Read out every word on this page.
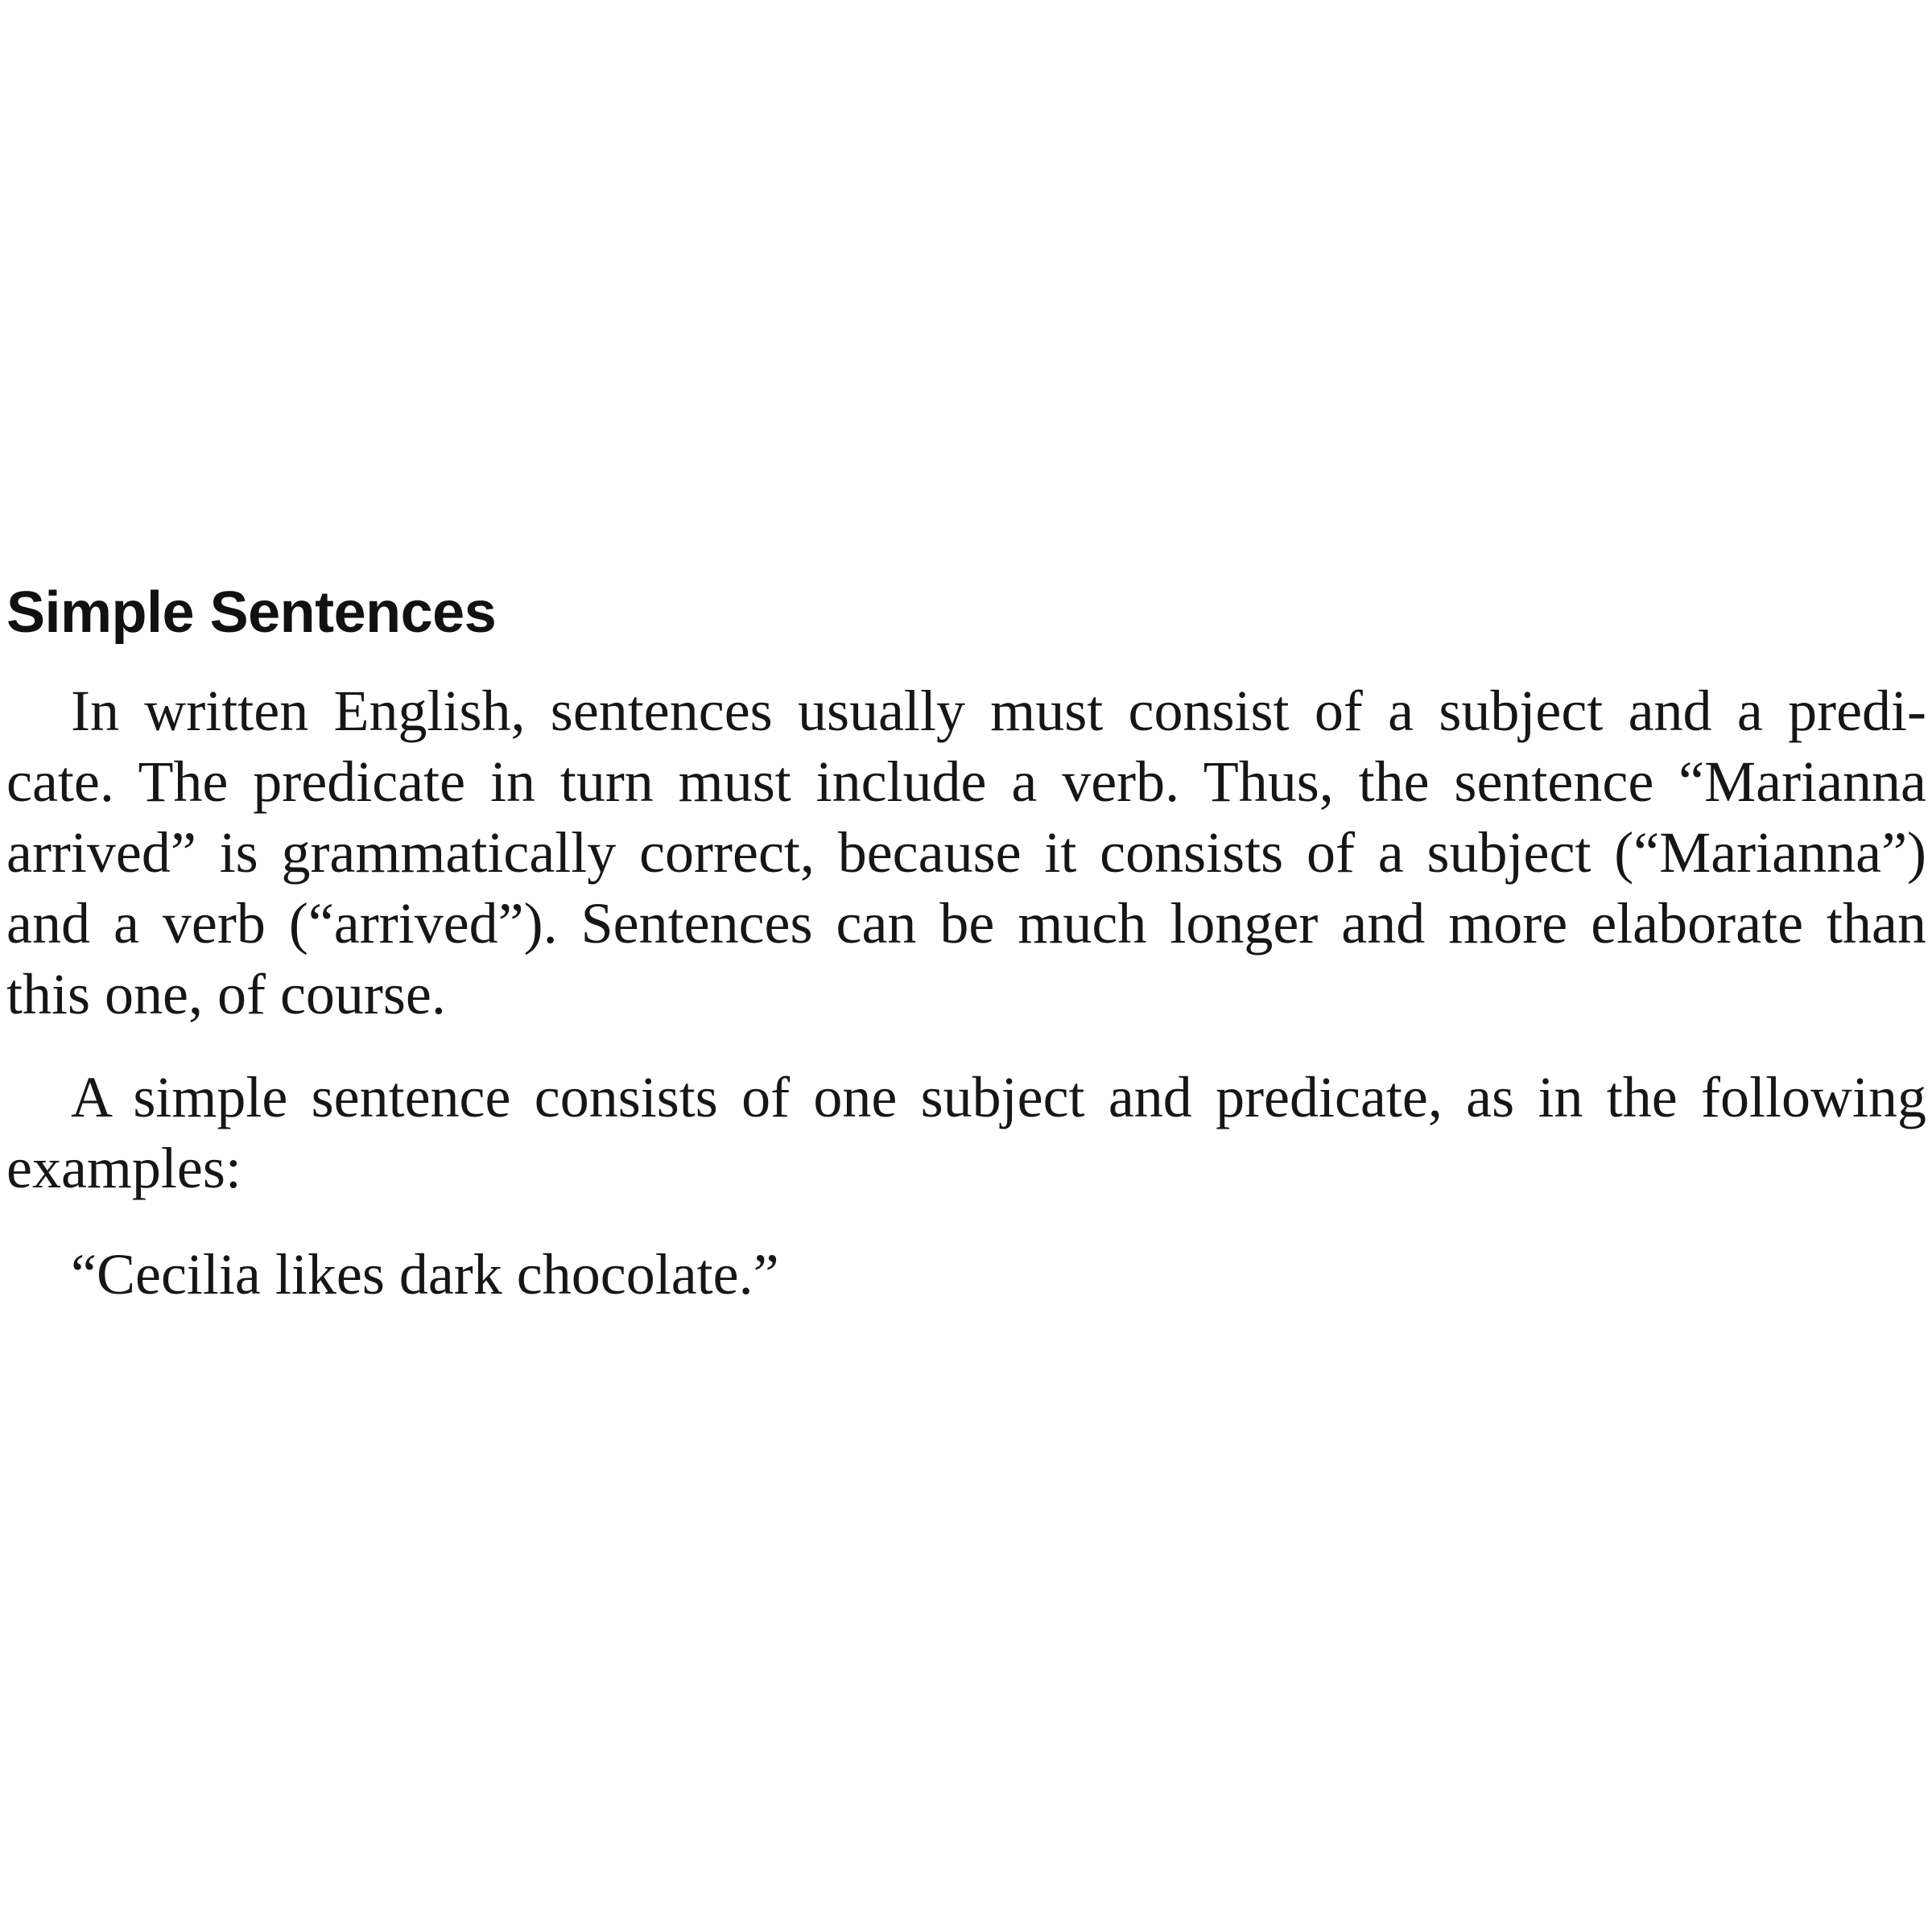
Simple Sentences

In written English, sentences usually must consist of a subject and a predi-
cate. The predicate in turn must include a verb. Thus, the sentence “Marianna
arrived” is grammatically correct, because it consists of a subject (“Marianna”)
and a verb (“arrived”). Sentences can be much longer and more elaborate than
this one, of course.

A simple sentence consists of one subject and predicate, as in the following
examples:

“Cecilia likes dark chocolate.”
